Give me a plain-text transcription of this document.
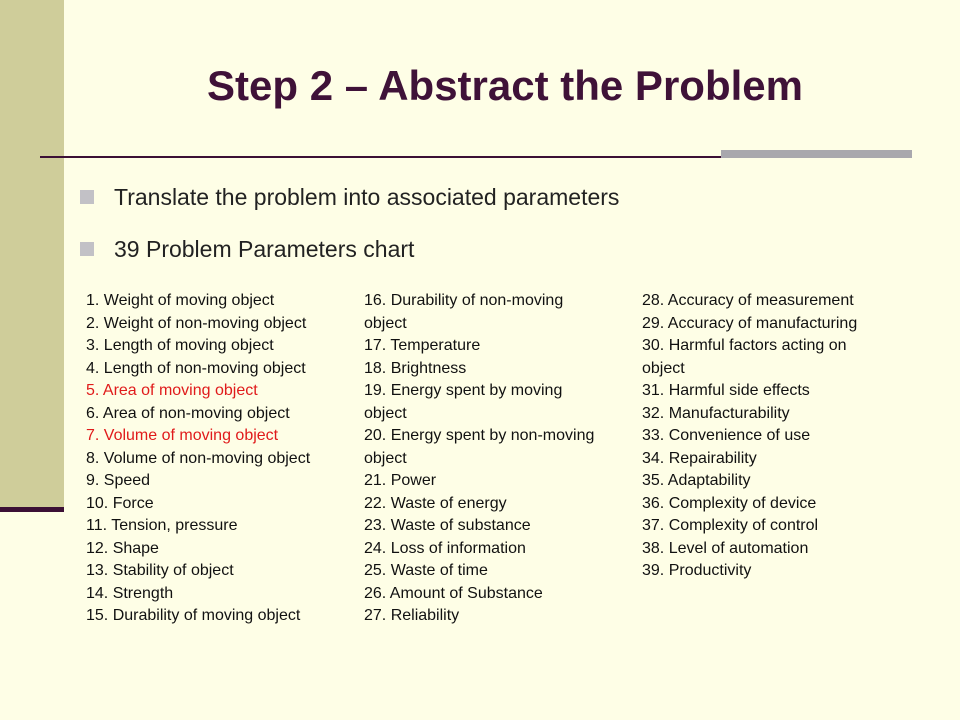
Step 2 – Abstract the Problem
Translate the problem into associated parameters
39 Problem Parameters chart
1. Weight of moving object
2. Weight of non-moving object
3. Length of moving object
4. Length of non-moving object
5. Area of moving object
6. Area of non-moving object
7. Volume of moving object
8. Volume of non-moving object
9. Speed
10. Force
11. Tension, pressure
12. Shape
13. Stability of object
14. Strength
15. Durability of moving object
16. Durability of non-moving
object
17. Temperature
18. Brightness
19. Energy spent by moving
object
20. Energy spent by non-moving
object
21. Power
22. Waste of energy
23. Waste of substance
24. Loss of information
25. Waste of time
26. Amount of Substance
27. Reliability
28. Accuracy of measurement
29. Accuracy of manufacturing
30. Harmful factors acting on
object
31. Harmful side effects
32. Manufacturability
33. Convenience of use
34. Repairability
35. Adaptability
36. Complexity of device
37. Complexity of control
38. Level of automation
39. Productivity
